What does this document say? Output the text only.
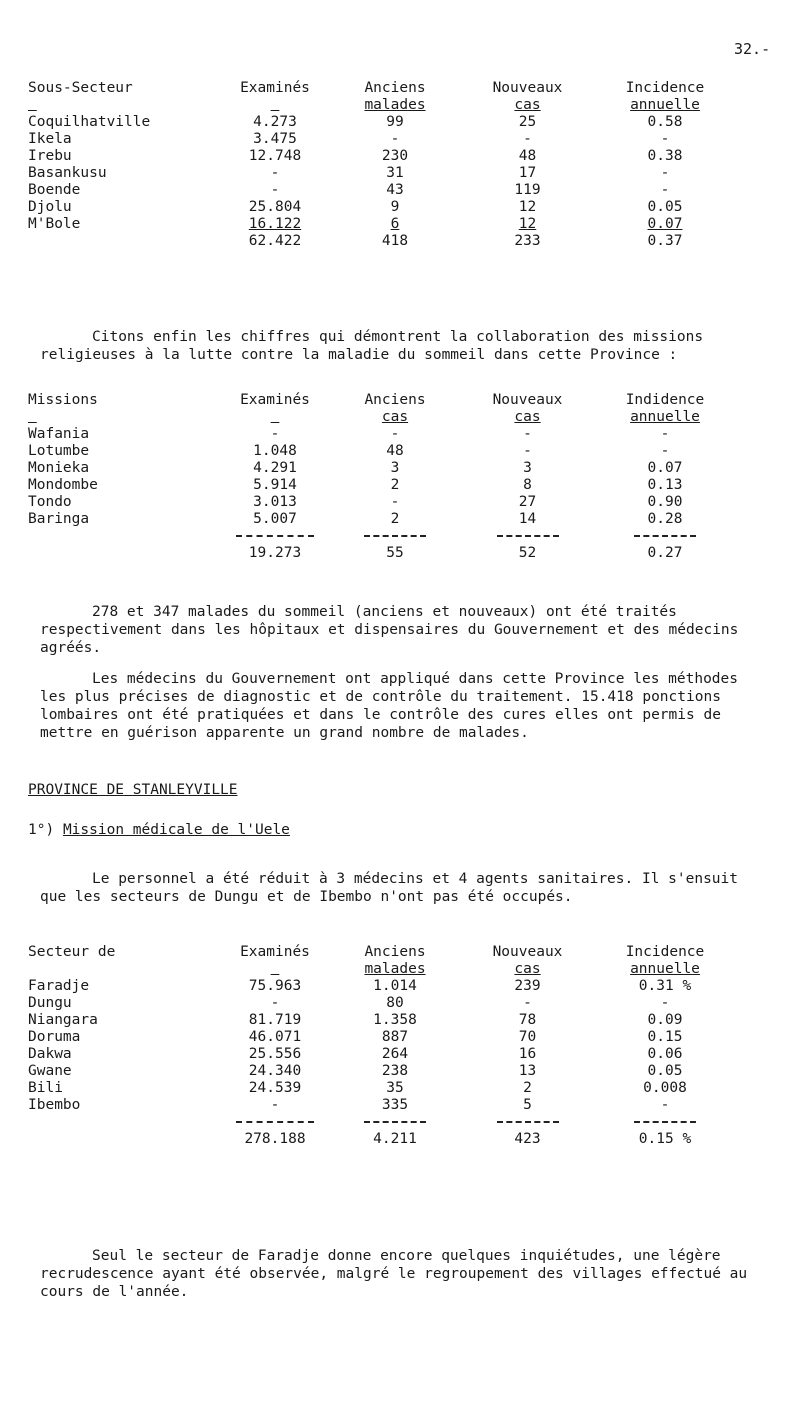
32.-
Sous-Secteur	Examinés	Anciens	Nouveaux	Incidence
		malades	cas	annuelle
Coquilhatville	4.273	99	25	0.58
Ikela	3.475	-	-	-
Irebu	12.748	230	48	0.38
Basankusu	-	31	17	-
Boende	-	43	119	-
Djolu	25.804	9	12	0.05
M'Bole	16.122	6	12	0.07
	62.422	418	233	0.37

Citons enfin les chiffres qui démontrent la collaboration des missions religieuses à la lutte contre la maladie du sommeil dans cette Province :

Missions	Examinés	Anciens	Nouveaux	Indidence
		cas	cas	annuelle
Wafania	-	-	-	-
Lotumbe	1.048	48	-	-
Monieka	4.291	3	3	0.07
Mondombe	5.914	2	8	0.13
Tondo	3.013	-	27	0.90
Baringa	5.007	2	14	0.28

	19.273	55	52	0.27

278 et 347 malades du sommeil (anciens et nouveaux) ont été traités respectivement dans les hôpitaux et dispensaires du Gouvernement et des médecins agréés.

Les médecins du Gouvernement ont appliqué dans cette Province les méthodes les plus précises de diagnostic et de contrôle du traitement. 15.418 ponctions lombaires ont été pratiquées et dans le contrôle des cures elles ont permis de mettre en guérison apparente un grand nombre de malades.

PROVINCE DE STANLEYVILLE
1°) Mission médicale de l'Uele

Le personnel a été réduit à 3 médecins et 4 agents sanitaires. Il s'ensuit que les secteurs de Dungu et de Ibembo n'ont pas été occupés.

Secteur de	Examinés	Anciens	Nouveaux	Incidence
		malades	cas	annuelle
Faradje	75.963	1.014	239	0.31 %
Dungu	-	80	-	-
Niangara	81.719	1.358	78	0.09
Doruma	46.071	887	70	0.15
Dakwa	25.556	264	16	0.06
Gwane	24.340	238	13	0.05
Bili	24.539	35	2	0.008
Ibembo	-	335	5	-

	278.188	4.211	423	0.15 %

Seul le secteur de Faradje donne encore quelques inquiétudes, une légère recrudescence ayant été observée, malgré le regroupement des villages effectué au cours de l'année.
